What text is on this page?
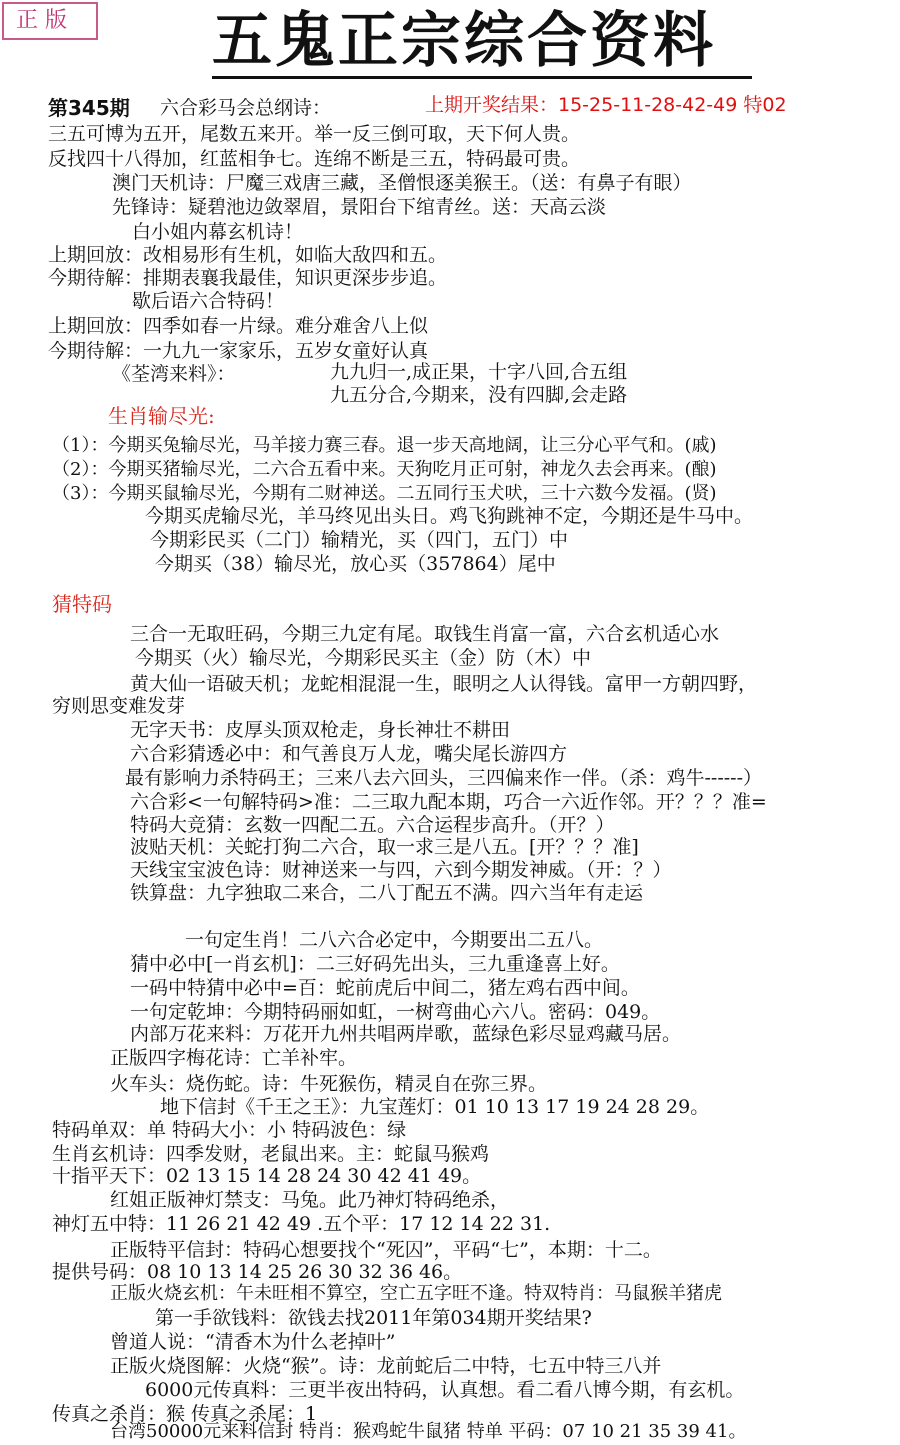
正 版	五鬼正宗综合资料
第345期	上期开奖结果：15-25-11-28-42-49 特02
六合彩马会总纲诗：
三五可博为五开，尾数五来开。举一反三倒可取，天下何人贵。
反找四十八得加，红蓝相争七。连绵不断是三五，特码最可贵。
澳门天机诗：尸魔三戏唐三藏，圣僧恨逐美猴王。（送：有鼻子有眼）
先锋诗：疑碧池边敛翠眉，景阳台下绾青丝。送：天高云淡
白小姐内幕玄机诗！
上期回放：改相易形有生机，如临大敌四和五。
今期待解：排期表襄我最佳，知识更深步步追。
歇后语六合特码！
上期回放：四季如春一片绿。难分难舍八上似
今期待解：一九九一家家乐，五岁女童好认真
《荃湾来料》：	九九归一,成正果，十字八回,合五组
九五分合,今期来，没有四脚,会走路
生肖输尽光:
（1）：今期买兔输尽光，马羊接力赛三春。退一步天高地阔，让三分心平气和。(戚)
（2）：今期买猪输尽光，二六合五看中来。天狗吃月正可射，神龙久去会再来。(酿)
（3）：今期买鼠输尽光，今期有二财神送。二五同行玉犬吠，三十六数今发福。(贤)
今期买虎输尽光，羊马终见出头日。鸡飞狗跳神不定，今期还是牛马中。
今期彩民买（二门）输精光，买（四门，五门）中
今期买（38）输尽光，放心买（357864）尾中
猜特码
三合一无取旺码，今期三九定有尾。取钱生肖富一富，六合玄机适心水
今期买（火）输尽光，今期彩民买主（金）防（木）中
黄大仙一语破天机；龙蛇相混混一生，眼明之人认得钱。富甲一方朝四野，
穷则思变难发芽
无字天书：皮厚头顶双枪走，身长神壮不耕田
六合彩猜透必中：和气善良万人龙，嘴尖尾长游四方
最有影响力杀特码王；三来八去六回头，三四偏来作一伴。（杀：鸡牛------）
六合彩<一句解特码>准：二三取九配本期，巧合一六近作邻。开？？？准=
特码大竞猜：玄数一四配二五。六合运程步高升。（开？）
波贴天机：关蛇打狗二六合，取一求三是八五。[开？？？准]
天线宝宝波色诗：财神送来一与四，六到今期发神威。（开：？）
铁算盘：九字独取二来合，二八丁配五不满。四六当年有走运
一句定生肖！二八六合必定中，今期要出二五八。
猜中必中[一肖玄机]：二三好码先出头，三九重逢喜上好。
一码中特猜中必中=百：蛇前虎后中间二，猪左鸡右西中间。
一句定乾坤：今期特码丽如虹，一树弯曲心六八。密码：049。
内部万花来料：万花开九州共唱两岸歌，蓝绿色彩尽显鸡藏马居。
正版四字梅花诗：亡羊补牢。
火车头：烧伤蛇。诗：牛死猴伤，精灵自在弥三界。
地下信封《千王之王》：九宝莲灯：01 10 13 17 19 24 28 29。
特码单双：单 特码大小：小 特码波色：绿
生肖玄机诗：四季发财，老鼠出来。主：蛇鼠马猴鸡
十指平天下：02 13 15 14 28 24 30 42 41 49。
红姐正版神灯禁支：马兔。此乃神灯特码绝杀，
神灯五中特：11 26 21 42 49 .五个平：17 12 14 22 31.
正版特平信封：特码心想要找个“死囚”，平码“七”，本期：十二。
提供号码：08 10 13 14 25 26 30 32 36 46。
正版火烧玄机：午未旺相不算空，空亡五字旺不逢。特双特肖：马鼠猴羊猪虎
第一手欲钱料：欲钱去找2011年第034期开奖结果?
曾道人说：“清香木为什么老掉叶”
正版火烧图解：火烧“猴”。诗：龙前蛇后二中特，七五中特三八并
6000元传真料：三更半夜出特码，认真想。看二看八博今期，有玄机。
传真之杀肖：猴 传真之杀尾：1
台湾50000元来料信封 特肖：猴鸡蛇牛鼠猪 特单 平码：07 10 21 35 39 41。
